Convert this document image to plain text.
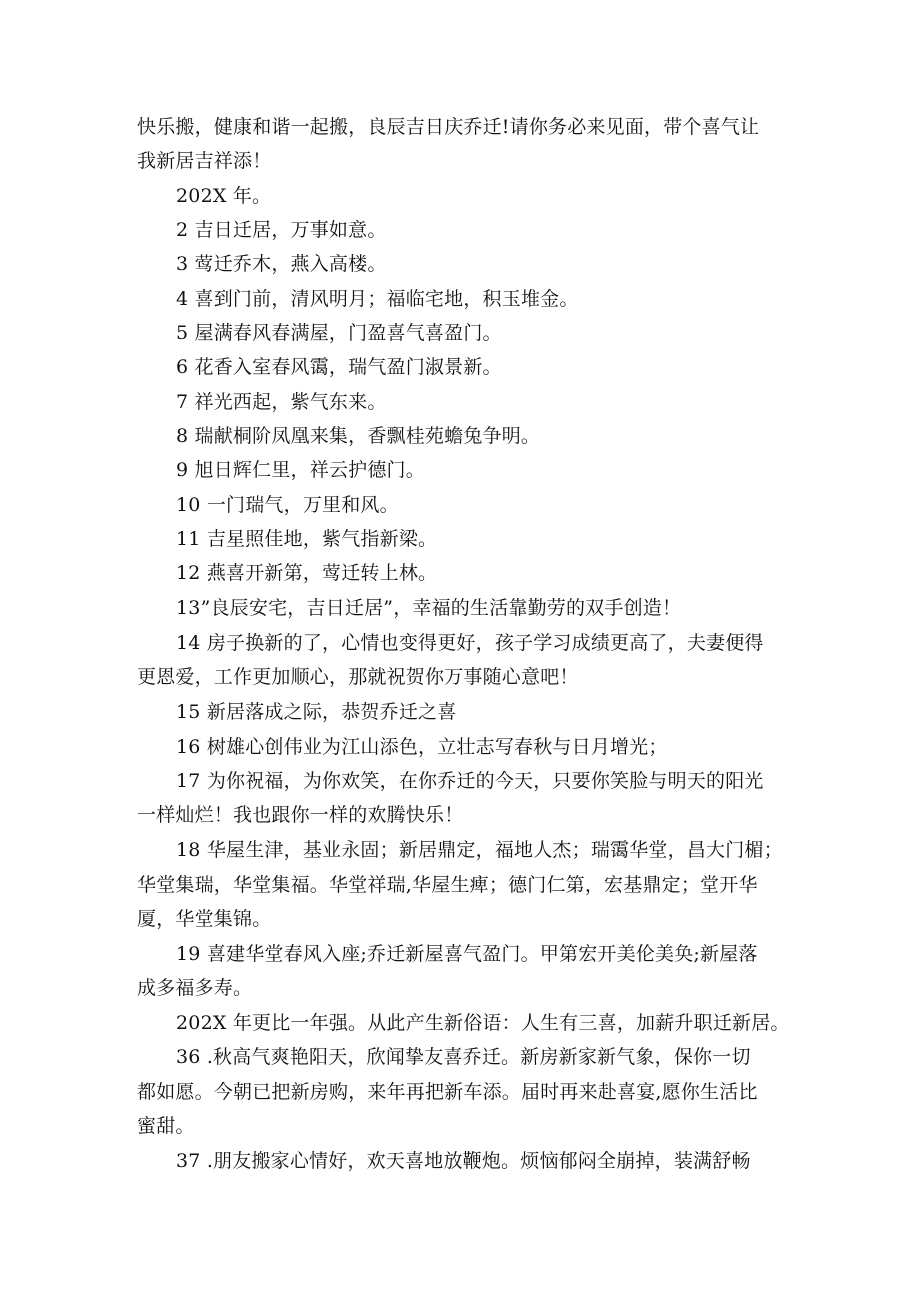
快乐搬，健康和谐一起搬，良辰吉日庆乔迁!请你务必来见面，带个喜气让
我新居吉祥添！
202X 年。
2 吉日迁居，万事如意。
3 莺迁乔木，燕入高楼。
4 喜到门前，清风明月；福临宅地，积玉堆金。
5 屋满春风春满屋，门盈喜气喜盈门。
6 花香入室春风霭，瑞气盈门淑景新。
7 祥光西起，紫气东来。
8 瑞献桐阶凤凰来集，香飘桂苑蟾兔争明。
9 旭日辉仁里，祥云护德门。
10 一门瑞气，万里和风。
11 吉星照佳地，紫气指新梁。
12 燕喜开新第，莺迁转上林。
13”良辰安宅，吉日迁居”，幸福的生活靠勤劳的双手创造！
14 房子换新的了，心情也变得更好，孩子学习成绩更高了，夫妻便得
更恩爱，工作更加顺心，那就祝贺你万事随心意吧！
15 新居落成之际，恭贺乔迁之喜
16 树雄心创伟业为江山添色，立壮志写春秋与日月增光；
17 为你祝福，为你欢笑，在你乔迁的今天，只要你笑脸与明天的阳光
一样灿烂！我也跟你一样的欢腾快乐！
18 华屋生津，基业永固；新居鼎定，福地人杰；瑞霭华堂，昌大门楣；
华堂集瑞，华堂集福。华堂祥瑞,华屋生痺；德门仁第，宏基鼎定；堂开华
厦，华堂集锦。
19 喜建华堂春风入座;乔迁新屋喜气盈门。甲第宏开美伦美奂;新屋落
成多福多寿。
202X 年更比一年强。从此产生新俗语：人生有三喜，加薪升职迁新居。
36 .秋高气爽艳阳天，欣闻挚友喜乔迁。新房新家新气象，保你一切
都如愿。今朝已把新房购，来年再把新车添。届时再来赴喜宴,愿你生活比
蜜甜。
37 .朋友搬家心情好，欢天喜地放鞭炮。烦恼郁闷全崩掉，装满舒畅
